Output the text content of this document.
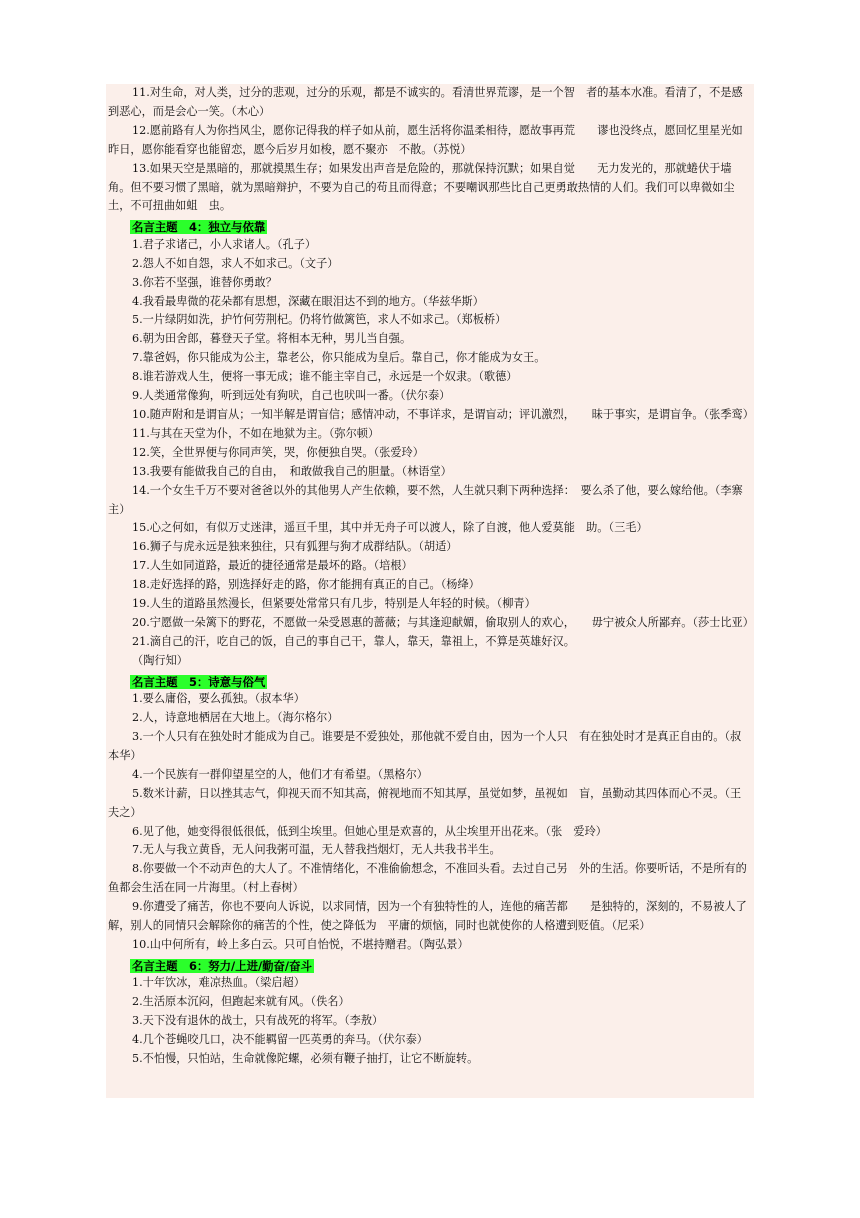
11.对生命，对人类，过分的悲观，过分的乐观，都是不诚实的。看清世界荒谬，是一个智　者的基本水准。看清了，不是感到恶心，而是会心一笑。（木心）
12.愿前路有人为你挡风尘，愿你记得我的样子如从前，愿生活将你温柔相待，愿故事再荒　　谬也没终点，愿回忆里星光如昨日，愿你能看穿也能留恋，愿今后岁月如梭，愿不聚亦　不散。（苏悦）
13.如果天空是黑暗的，那就摸黑生存；如果发出声音是危险的，那就保持沉默；如果自觉　　无力发光的，那就蜷伏于墙角。但不要习惯了黑暗，就为黑暗辩护，不要为自己的苟且而得意；不要嘲讽那些比自己更勇敢热情的人们。我们可以卑微如尘土，不可扭曲如蛆　虫。
名言主题　4：独立与依靠
1.君子求诸己，小人求诸人。（孔子）
2.怨人不如自怨，求人不如求己。（文子）
3.你若不坚强，谁替你勇敢？
4.我看最卑微的花朵都有思想，深藏在眼泪达不到的地方。（华兹华斯）
5.一片绿阴如洗，护竹何劳荆杞。仍将竹做篱笆，求人不如求己。（郑板桥）
6.朝为田舍郎，暮登天子堂。将相本无种，男儿当自强。
7.靠爸妈，你只能成为公主，靠老公，你只能成为皇后。靠自己，你才能成为女王。
8.谁若游戏人生，便将一事无成；谁不能主宰自己，永远是一个奴隶。（歌德）
9.人类通常像狗，听到远处有狗吠，自己也吠叫一番。（伏尔泰）
10.随声附和是谓盲从；一知半解是谓盲信；感情冲动，不事详求，是谓盲动；评讥激烈，　　昧于事实，是谓盲争。（张季鸾）
11.与其在天堂为仆，不如在地狱为主。（弥尔顿）
12.笑，全世界便与你同声笑，哭，你便独自哭。（张爱玲）
13.我要有能做我自己的自由，　和敢做我自己的胆量。（林语堂）
14.一个女生千万不要对爸爸以外的其他男人产生依赖，要不然，人生就只剩下两种选择：　要么杀了他，要么嫁给他。（李寨主）
15.心之何如，有似万丈迷津，遥亘千里，其中并无舟子可以渡人，除了自渡，他人爱莫能　助。（三毛）
16.狮子与虎永远是独来独往，只有狐狸与狗才成群结队。（胡适）
17.人生如同道路，最近的捷径通常是最坏的路。（培根）
18.走好选择的路，别选择好走的路，你才能拥有真正的自己。（杨绛）
19.人生的道路虽然漫长，但紧要处常常只有几步，特别是人年轻的时候。（柳青）
20.宁愿做一朵篱下的野花，不愿做一朵受恩惠的蔷薇；与其逢迎献媚，偷取别人的欢心，　　毋宁被众人所鄙弃。（莎士比亚）
21.滴自己的汗，吃自己的饭，自己的事自己干，靠人，靠天，靠祖上，不算是英雄好汉。
（陶行知）
名言主题　5：诗意与俗气
1.要么庸俗，要么孤独。（叔本华）
2.人，诗意地栖居在大地上。（海尔格尔）
3.一个人只有在独处时才能成为自己。谁要是不爱独处，那他就不爱自由，因为一个人只　有在独处时才是真正自由的。（叔本华）
4.一个民族有一群仰望星空的人，他们才有希望。（黑格尔）
5.数米计薪，日以挫其志气，仰视天而不知其高，俯视地而不知其厚，虽觉如梦，虽视如　盲，虽勤动其四体而心不灵。（王夫之）
6.见了他，她变得很低很低，低到尘埃里。但她心里是欢喜的，从尘埃里开出花来。（张　爱玲）
7.无人与我立黄昏，无人问我粥可温，无人替我挡烟灯，无人共我书半生。
8.你要做一个不动声色的大人了。不准情绪化，不准偷偷想念，不准回头看。去过自己另　外的生活。你要听话，不是所有的鱼都会生活在同一片海里。（村上春树）
9.你遭受了痛苦，你也不要向人诉说，以求同情，因为一个有独特性的人，连他的痛苦都　　是独特的，深刻的，不易被人了解，别人的同情只会解除你的痛苦的个性，使之降低为　平庸的烦恼，同时也就使你的人格遭到贬值。（尼采）
10.山中何所有，岭上多白云。只可自怡悦，不堪持赠君。（陶弘景）
名言主题　6：努力/上进/勤奋/奋斗
1.十年饮冰，难凉热血。（梁启超）
2.生活原本沉闷，但跑起来就有风。（佚名）
3.天下没有退休的战士，只有战死的将军。（李敖）
4.几个苍蝇咬几口，决不能羁留一匹英勇的奔马。（伏尔泰）
5.不怕慢，只怕站，生命就像陀螺，必须有鞭子抽打，让它不断旋转。
